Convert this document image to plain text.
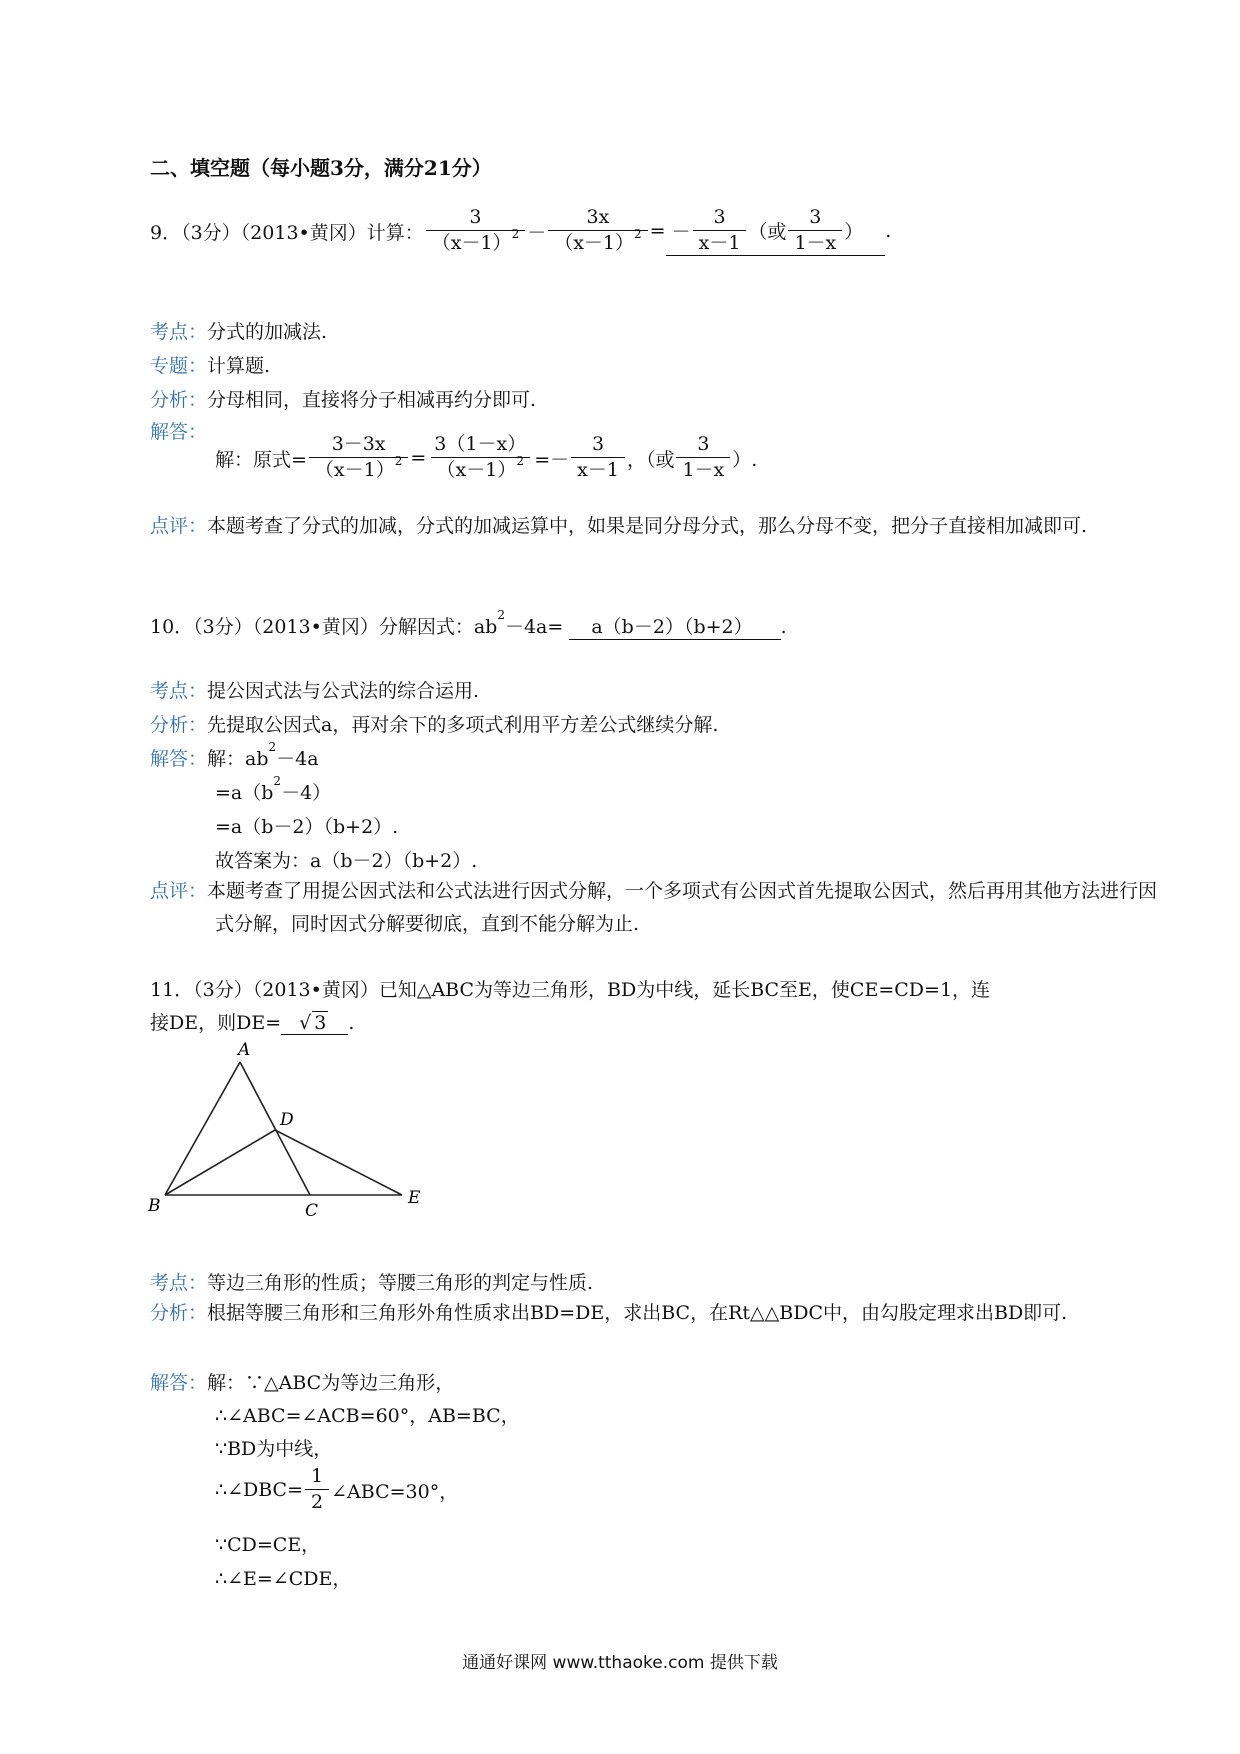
二、填空题（每小题3分，满分21分）
9．（3分）（2013•黄冈）计算： $\frac{3}{(x-1)^2} - \frac{3x}{(x-1)^2}$ = － $\frac{3}{x-1}$ （或 $\frac{3}{1-x}$ ） .
考点：分式的加减法.
专题：计算题.
分析：分母相同，直接将分子相减再约分即可.
解答：
解：原式= $\frac{3-3x}{(x-1)^2} = \frac{3(1-x)}{(x-1)^2} =- \frac{3}{x-1}$ ，（或 $\frac{3}{1-x}$ ）.
点评：本题考查了分式的加减，分式的加减运算中，如果是同分母分式，那么分母不变，把分子直接相加减即可.
10．（3分）（2013•黄冈）分解因式：$ab^2-4a= a(b-2)(b+2)$ .
考点：提公因式法与公式法的综合运用.
分析：先提取公因式a，再对余下的多项式利用平方差公式继续分解.
解答：解：$ab^2-4a$
$=a(b^2-4)$
=a（b－2）（b+2）.
故答案为：a（b－2）（b+2）.
点评：本题考查了用提公因式法和公式法进行因式分解，一个多项式有公因式首先提取公因式，然后再用其他方法进行因式分解，同时因式分解要彻底，直到不能分解为止.
11．（3分）（2013•黄冈）已知△ABC为等边三角形，BD为中线，延长BC至E，使CE=CD=1，连
接DE，则DE= √ 3 .
A
D
B	C
E
考点：等边三角形的性质；等腰三角形的判定与性质.
分析：根据等腰三角形和三角形外角性质求出BD=DE，求出BC，在Rt△△BDC中，由勾股定理求出BD即可.
解答：解：∵△ABC为等边三角形，
∴∠ABC=∠ACB=60°，AB=BC，
∵BD为中线，
∴∠DBC= $\frac{1}{2}$ ∠ABC=30°，
∵CD=CE，
∴∠E=∠CDE，
通通好课网 www.tthaoke.com 提供下载
